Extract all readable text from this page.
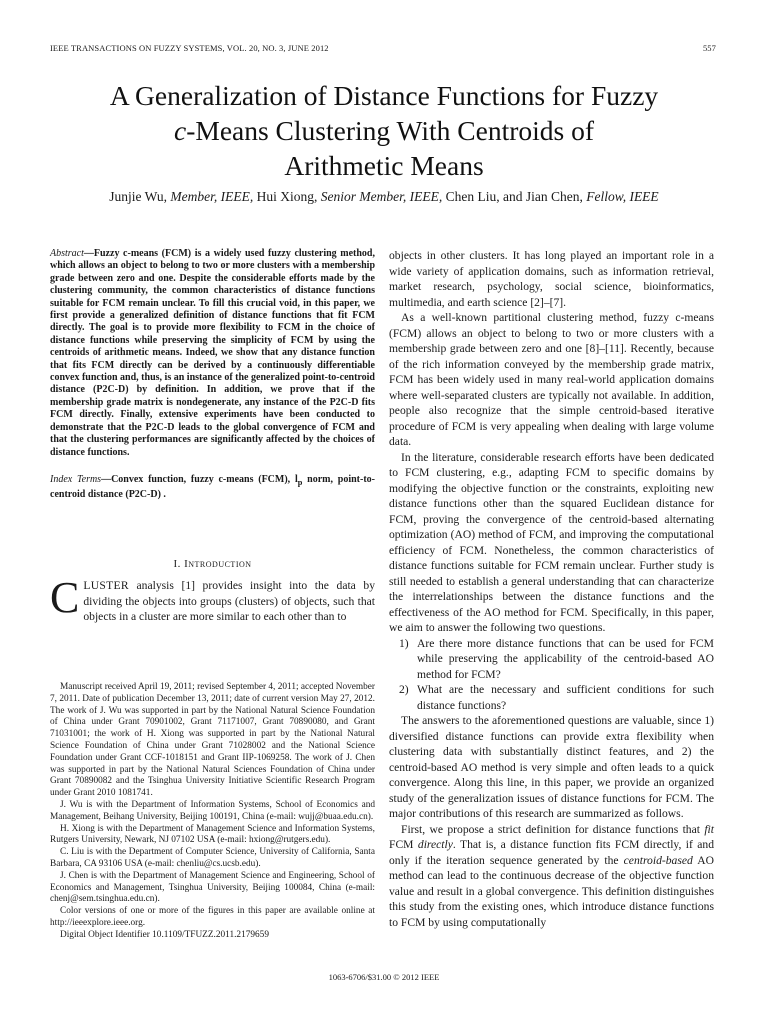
IEEE TRANSACTIONS ON FUZZY SYSTEMS, VOL. 20, NO. 3, JUNE 2012	557
A Generalization of Distance Functions for Fuzzy
c-Means Clustering With Centroids of
Arithmetic Means
Junjie Wu, Member, IEEE, Hui Xiong, Senior Member, IEEE, Chen Liu, and Jian Chen, Fellow, IEEE
Abstract—Fuzzy c-means (FCM) is a widely used fuzzy clustering method, which allows an object to belong to two or more clusters with a membership grade between zero and one. Despite the considerable efforts made by the clustering community, the common characteristics of distance functions suitable for FCM remain unclear. To fill this crucial void, in this paper, we first provide a generalized definition of distance functions that fit FCM directly. The goal is to provide more flexibility to FCM in the choice of distance functions while preserving the simplicity of FCM by using the centroids of arithmetic means. Indeed, we show that any distance function that fits FCM directly can be derived by a continuously differentiable convex function and, thus, is an instance of the generalized point-to-centroid distance (P2C-D) by definition. In addition, we prove that if the membership grade matrix is nondegenerate, any instance of the P2C-D fits FCM directly. Finally, extensive experiments have been conducted to demonstrate that the P2C-D leads to the global convergence of FCM and that the clustering performances are significantly affected by the choices of distance functions.
Index Terms—Convex function, fuzzy c-means (FCM), $l_p$ norm, point-to-centroid distance (P2C-D) .
I. Introduction
CLUSTER analysis [1] provides insight into the data by dividing the objects into groups (clusters) of objects, such that objects in a cluster are more similar to each other than to

Manuscript received April 19, 2011; revised September 4, 2011; accepted November 7, 2011. Date of publication December 13, 2011; date of current version May 27, 2012. The work of J. Wu was supported in part by the National Natural Science Foundation of China under Grant 70901002, Grant 71171007, Grant 70890080, and Grant 71031001; the work of H. Xiong was supported in part by the National Natural Science Foundation of China under Grant 71028002 and the National Science Foundation under Grant CCF-1018151 and Grant IIP-1069258. The work of J. Chen was supported in part by the National Natural Sciences Foundation of China under Grant 70890082 and the Tsinghua University Initiative Scientific Research Program under Grant 2010 1081741.

J. Wu is with the Department of Information Systems, School of Economics and Management, Beihang University, Beijing 100191, China (e-mail: wujj@buaa.edu.cn).

H. Xiong is with the Department of Management Science and Information Systems, Rutgers University, Newark, NJ 07102 USA (e-mail: hxiong@rutgers.edu).

C. Liu is with the Department of Computer Science, University of California, Santa Barbara, CA 93106 USA (e-mail: chenliu@cs.ucsb.edu).

J. Chen is with the Department of Management Science and Engineering, School of Economics and Management, Tsinghua University, Beijing 100084, China (e-mail: chenj@sem.tsinghua.edu.cn).

Color versions of one or more of the figures in this paper are available online at http://ieeexplore.ieee.org.

Digital Object Identifier 10.1109/TFUZZ.2011.2179659

objects in other clusters. It has long played an important role in a wide variety of application domains, such as information retrieval, market research, psychology, social science, bioinformatics, multimedia, and earth science [2]–[7].

As a well-known partitional clustering method, fuzzy c-means (FCM) allows an object to belong to two or more clusters with a membership grade between zero and one [8]–[11]. Recently, because of the rich information conveyed by the membership grade matrix, FCM has been widely used in many real-world application domains where well-separated clusters are typically not available. In addition, people also recognize that the simple centroid-based iterative procedure of FCM is very appealing when dealing with large volume data.

In the literature, considerable research efforts have been dedicated to FCM clustering, e.g., adapting FCM to specific domains by modifying the objective function or the constraints, exploiting new distance functions other than the squared Euclidean distance for FCM, proving the convergence of the centroid-based alternating optimization (AO) method of FCM, and improving the computational efficiency of FCM. Nonetheless, the common characteristics of distance functions suitable for FCM remain unclear. Further study is still needed to establish a general understanding that can characterize the interrelationships between the distance functions and the effectiveness of the AO method for FCM. Specifically, in this paper, we aim to answer the following two questions.

1) Are there more distance functions that can be used for FCM while preserving the applicability of the centroid-based AO method for FCM?
2) What are the necessary and sufficient conditions for such distance functions?

The answers to the aforementioned questions are valuable, since 1) diversified distance functions can provide extra flexibility when clustering data with substantially distinct features, and 2) the centroid-based AO method is very simple and often leads to a quick convergence. Along this line, in this paper, we provide an organized study of the generalization issues of distance functions for FCM. The major contributions of this research are summarized as follows.

First, we propose a strict definition for distance functions that fit FCM directly. That is, a distance function fits FCM directly, if and only if the iteration sequence generated by the centroid-based AO method can lead to the continuous decrease of the objective function value and result in a global convergence. This definition distinguishes this study from the existing ones, which introduce distance functions to FCM by using computationally

1063-6706/$31.00 © 2012 IEEE
